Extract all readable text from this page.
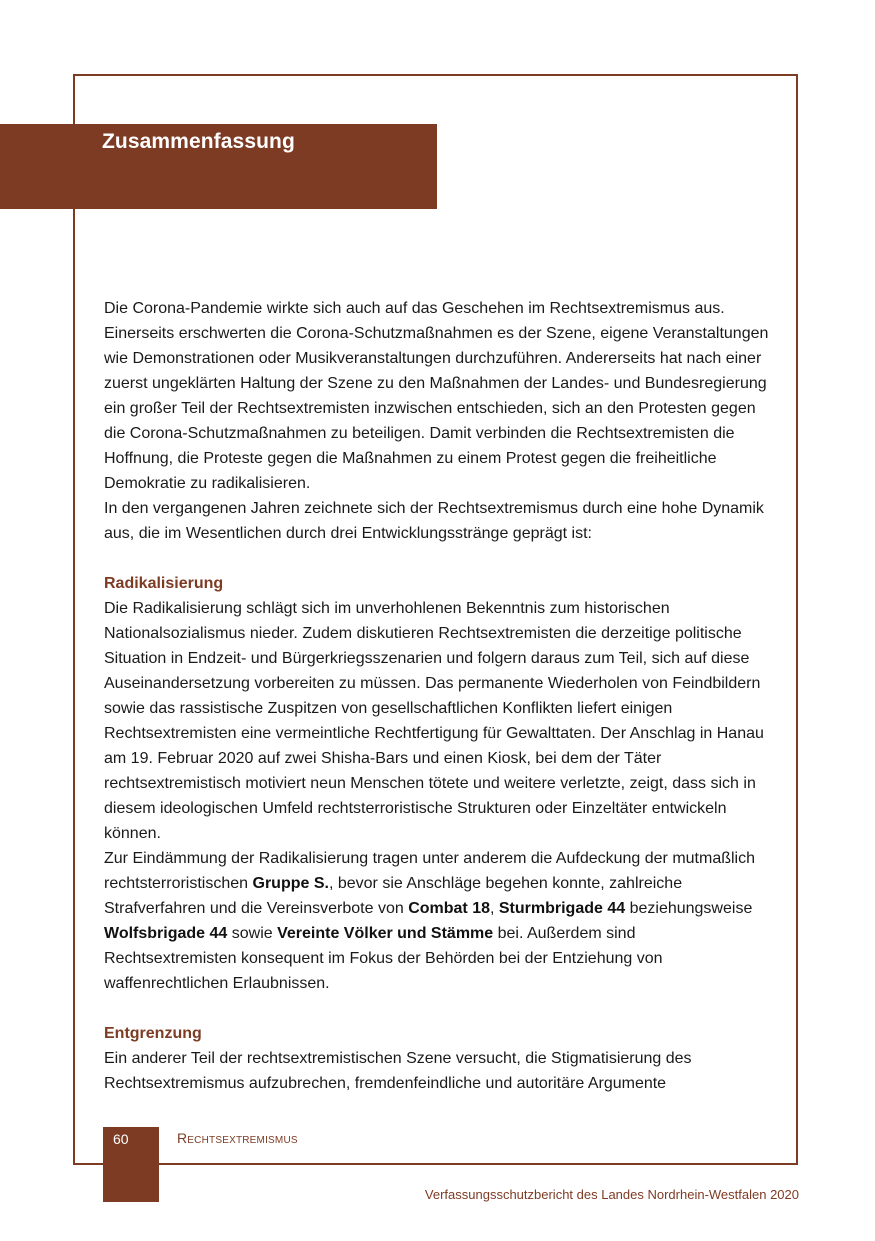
Zusammenfassung

Die Corona-Pandemie wirkte sich auch auf das Geschehen im Rechtsextremismus aus. Einerseits erschwerten die Corona-Schutzmaßnahmen es der Szene, eigene Veranstaltungen wie Demonstrationen oder Musikveranstaltungen durchzuführen. Andererseits hat nach einer zuerst ungeklärten Haltung der Szene zu den Maßnahmen der Landes- und Bundesregierung ein großer Teil der Rechtsextremisten inzwischen entschieden, sich an den Protesten gegen die Corona-Schutzmaßnahmen zu beteiligen. Damit verbinden die Rechtsextremisten die Hoffnung, die Proteste gegen die Maßnahmen zu einem Protest gegen die freiheitliche Demokratie zu radikalisieren.

In den vergangenen Jahren zeichnete sich der Rechtsextremismus durch eine hohe Dynamik aus, die im Wesentlichen durch drei Entwicklungsstränge geprägt ist:

Radikalisierung

Die Radikalisierung schlägt sich im unverhohlenen Bekenntnis zum historischen Nationalsozialismus nieder. Zudem diskutieren Rechtsextremisten die derzeitige politische Situation in Endzeit- und Bürgerkriegsszenarien und folgern daraus zum Teil, sich auf diese Auseinandersetzung vorbereiten zu müssen. Das permanente Wiederholen von Feindbildern sowie das rassistische Zuspitzen von gesellschaftlichen Konflikten liefert einigen Rechtsextremisten eine vermeintliche Rechtfertigung für Gewalttaten. Der Anschlag in Hanau am 19. Februar 2020 auf zwei Shisha-Bars und einen Kiosk, bei dem der Täter rechtsextremistisch motiviert neun Menschen tötete und weitere verletzte, zeigt, dass sich in diesem ideologischen Umfeld rechtsterroristische Strukturen oder Einzeltäter entwickeln können.

Zur Eindämmung der Radikalisierung tragen unter anderem die Aufdeckung der mutmaßlich rechtsterroristischen Gruppe S., bevor sie Anschläge begehen konnte, zahlreiche Strafverfahren und die Vereinsverbote von Combat 18, Sturmbrigade 44 beziehungsweise Wolfsbrigade 44 sowie Vereinte Völker und Stämme bei. Außerdem sind Rechtsextremisten konsequent im Fokus der Behörden bei der Entziehung von waffenrechtlichen Erlaubnissen.

Entgrenzung

Ein anderer Teil der rechtsextremistischen Szene versucht, die Stigmatisierung des Rechtsextremismus aufzubrechen, fremdenfeindliche und autoritäre Argumente

60	Rechtsextremismus
Verfassungsschutzbericht des Landes Nordrhein-Westfalen 2020
